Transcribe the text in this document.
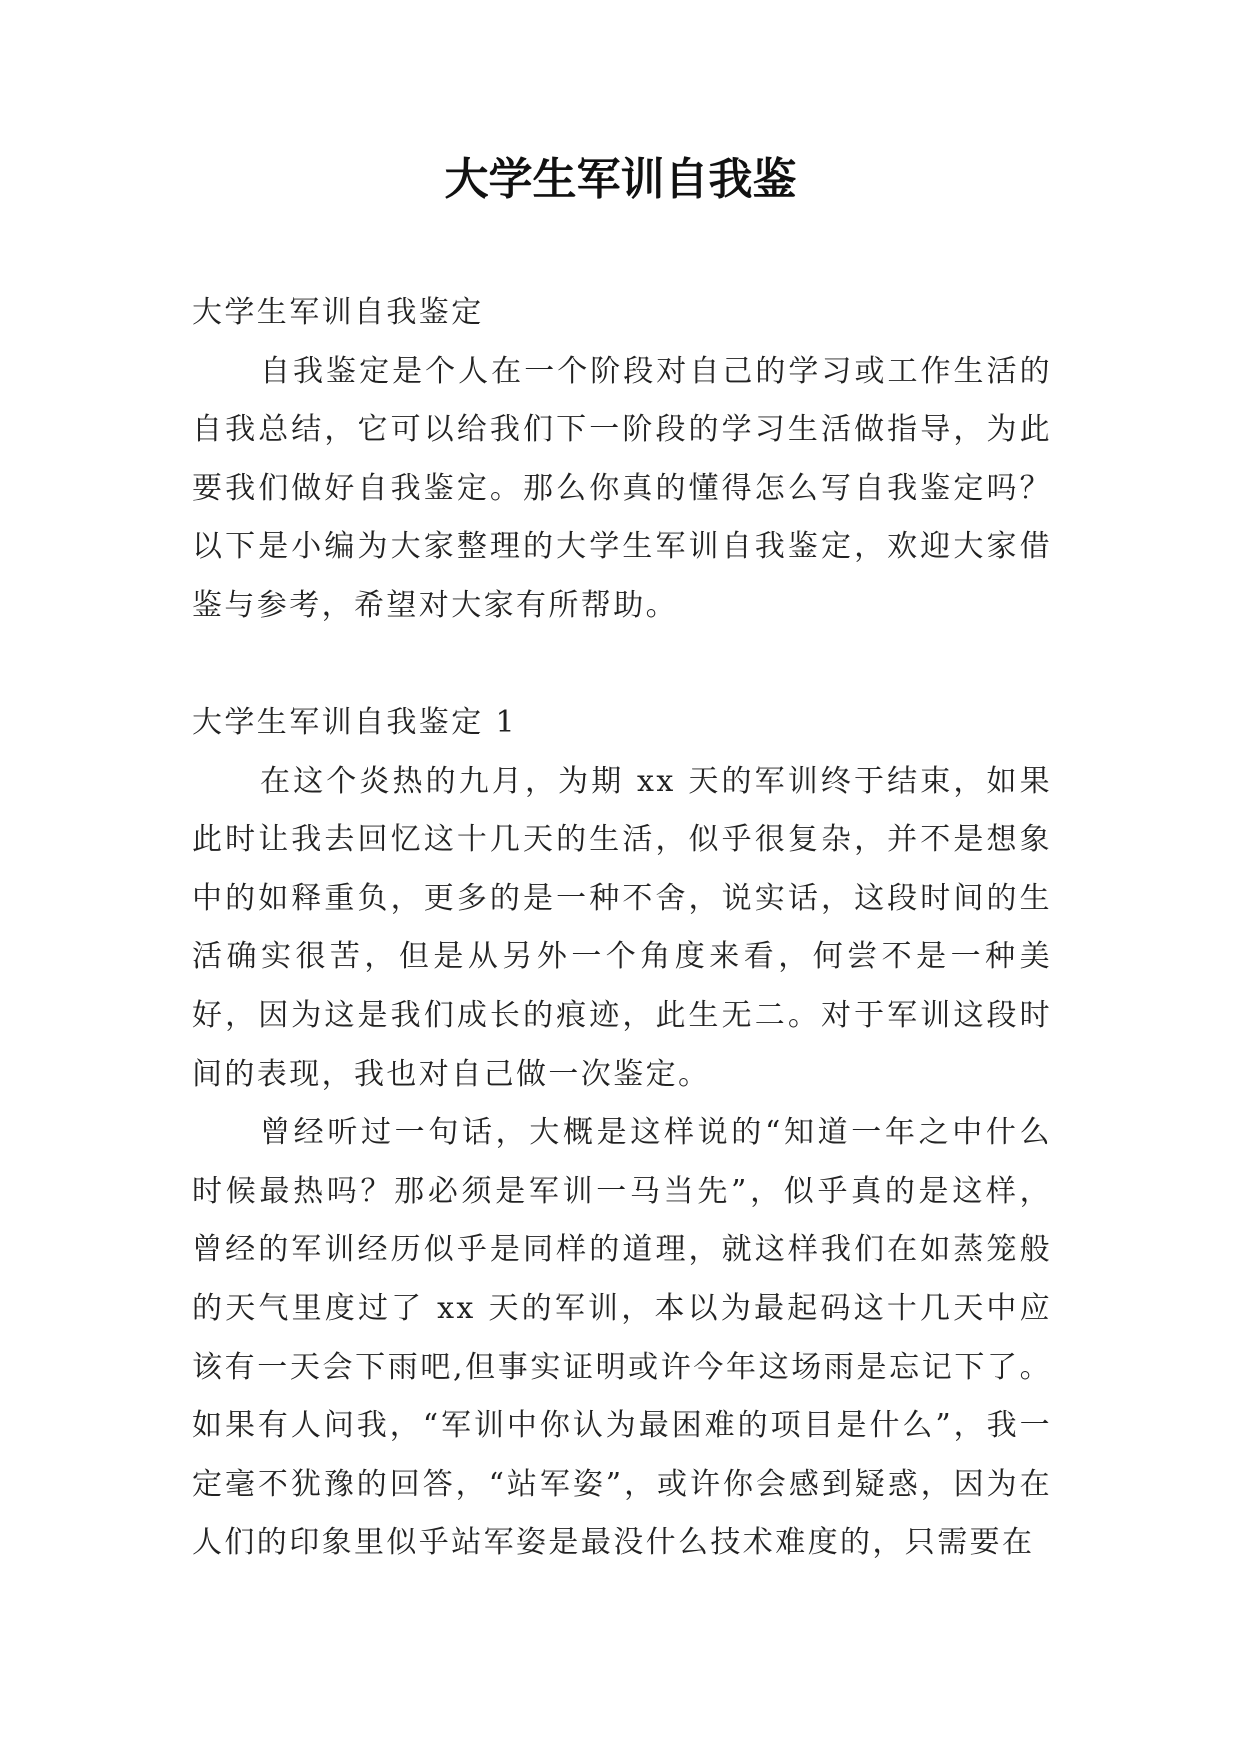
大学生军训自我鉴

大学生军训自我鉴定

自我鉴定是个人在一个阶段对自己的学习或工作生活的自我总结，它可以给我们下一阶段的学习生活做指导，为此要我们做好自我鉴定。那么你真的懂得怎么写自我鉴定吗？以下是小编为大家整理的大学生军训自我鉴定，欢迎大家借鉴与参考，希望对大家有所帮助。

大学生军训自我鉴定 1

在这个炎热的九月，为期 xx 天的军训终于结束，如果此时让我去回忆这十几天的生活，似乎很复杂，并不是想象中的如释重负，更多的是一种不舍，说实话，这段时间的生活确实很苦，但是从另外一个角度来看，何尝不是一种美好，因为这是我们成长的痕迹，此生无二。对于军训这段时间的表现，我也对自己做一次鉴定。

曾经听过一句话，大概是这样说的“知道一年之中什么时候最热吗？那必须是军训一马当先”，似乎真的是这样，曾经的军训经历似乎是同样的道理，就这样我们在如蒸笼般的天气里度过了 xx 天的军训，本以为最起码这十几天中应该有一天会下雨吧,但事实证明或许今年这场雨是忘记下了。如果有人问我，“军训中你认为最困难的项目是什么”，我一定毫不犹豫的回答，“站军姿”，或许你会感到疑惑，因为在人们的印象里似乎站军姿是最没什么技术难度的，只需要在
